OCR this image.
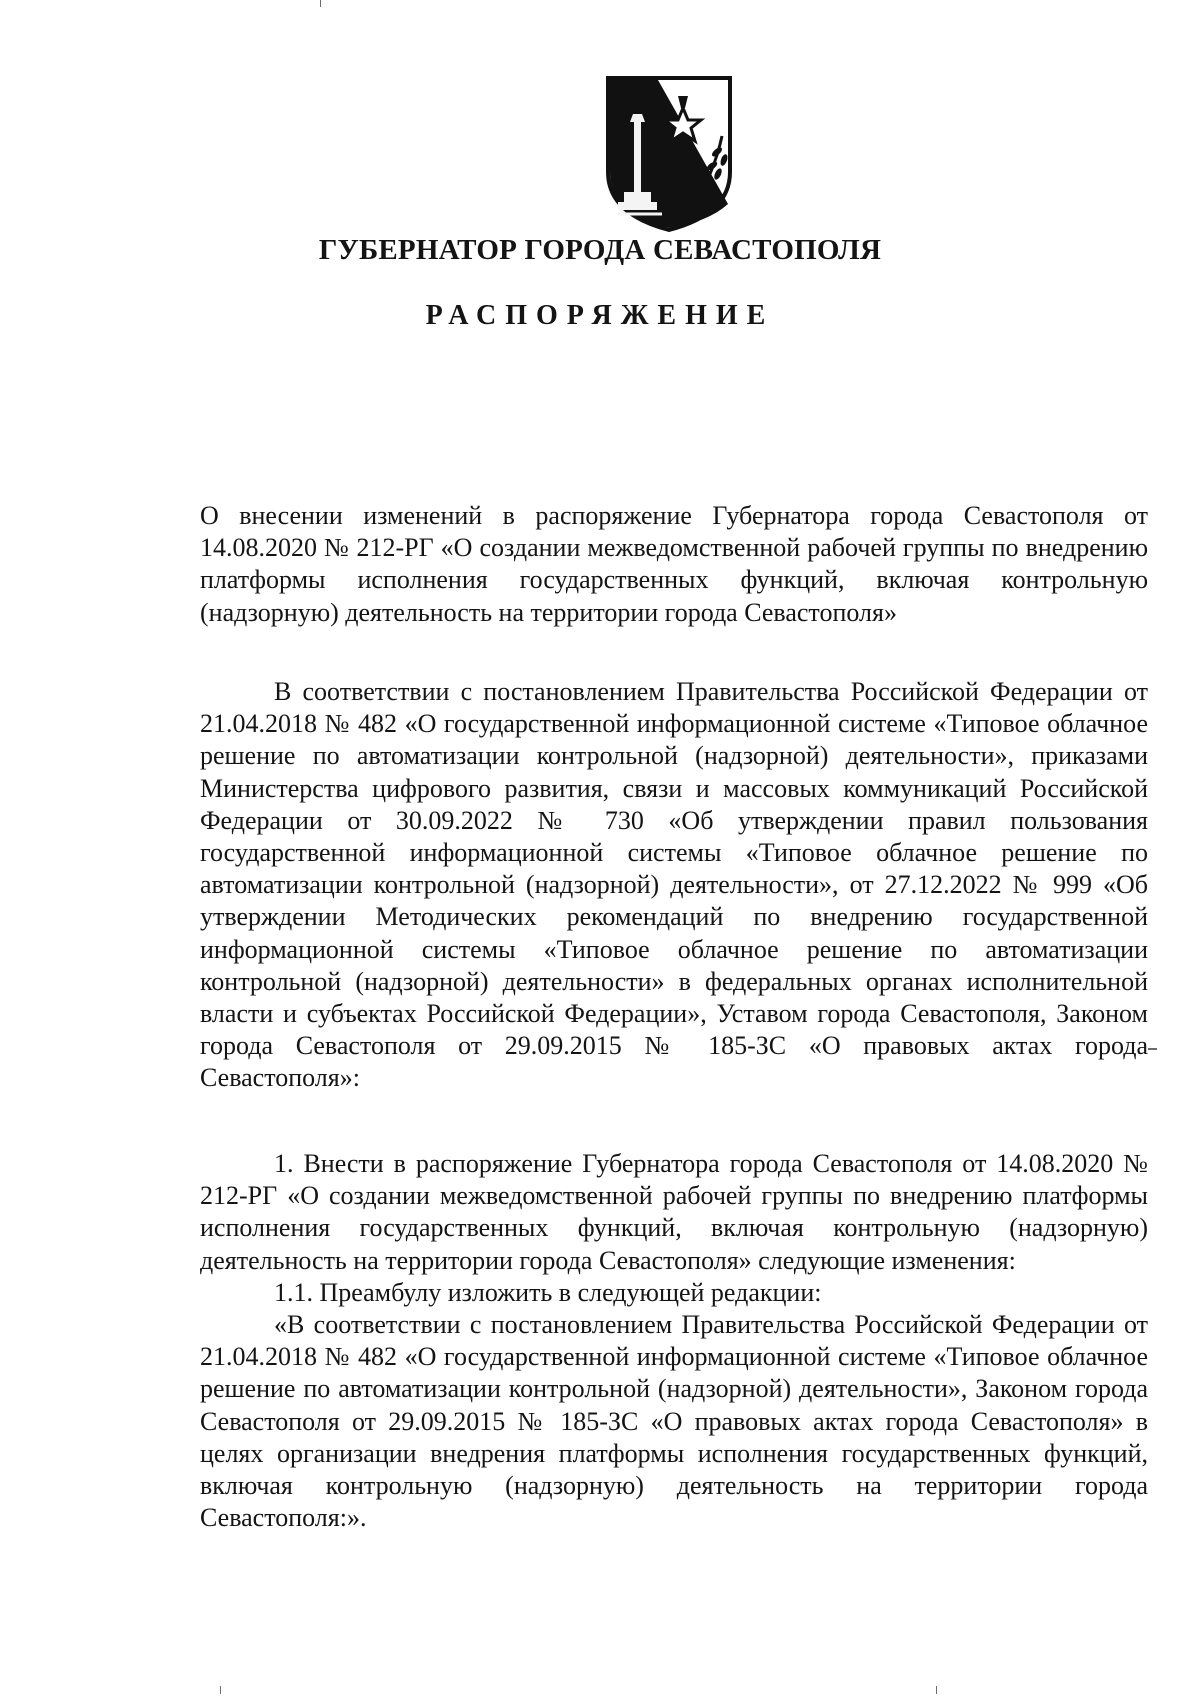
ГУБЕРНАТОР ГОРОДА СЕВАСТОПОЛЯ
РАСПОРЯЖЕНИЕ
О внесении изменений в распоряжение Губернатора города Севастополя от 14.08.2020 № 212-РГ «О создании межведомственной рабочей группы по внедрению платформы исполнения государственных функций, включая контрольную (надзорную) деятельность на территории города Севастополя»
В соответствии с постановлением Правительства Российской Федерации от 21.04.2018 № 482 «О государственной информационной системе «Типовое облачное решение по автоматизации контрольной (надзорной) деятельности», приказами Министерства цифрового развития, связи и массовых коммуникаций Российской Федерации от 30.09.2022 № 730 «Об утверждении правил пользования государственной информационной системы «Типовое облачное решение по автоматизации контрольной (надзорной) деятельности», от 27.12.2022 № 999 «Об утверждении Методических рекомендаций по внедрению государственной информационной системы «Типовое облачное решение по автоматизации контрольной (надзорной) деятельности» в федеральных органах исполнительной власти и субъектах Российской Федерации», Уставом города Севастополя, Законом города Севастополя от 29.09.2015 № 185-ЗС «О правовых актах города Севастополя»:

1. Внести в распоряжение Губернатора города Севастополя от 14.08.2020 № 212-РГ «О создании межведомственной рабочей группы по внедрению платформы исполнения государственных функций, включая контрольную (надзорную) деятельность на территории города Севастополя» следующие изменения:

1.1. Преамбулу изложить в следующей редакции:

«В соответствии с постановлением Правительства Российской Федерации от 21.04.2018 № 482 «О государственной информационной системе «Типовое облачное решение по автоматизации контрольной (надзорной) деятельности», Законом города Севастополя от 29.09.2015 № 185-ЗС «О правовых актах города Севастополя» в целях организации внедрения платформы исполнения государственных функций, включая контрольную (надзорную) деятельность на территории города Севастополя:».
